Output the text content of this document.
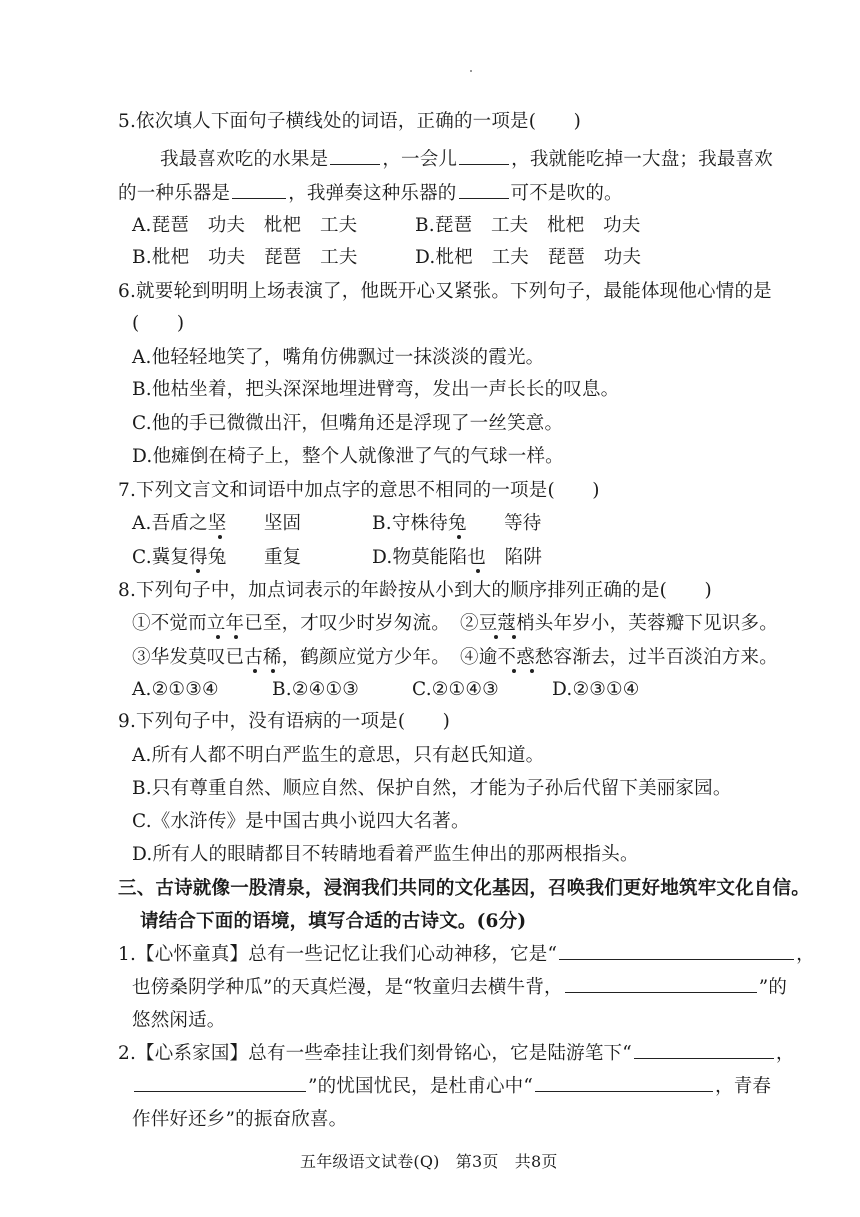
5.依次填人下面句子横线处的词语，正确的一项是(　　)
我最喜欢吃的水果是	，一会儿	，我就能吃掉一大盘；我最喜欢
的一种乐器是	，我弹奏这种乐器的	可不是吹的。
A.琵琶　功夫　枇杷　工夫	B.琵琶　工夫　枇杷　功夫
B.枇杷　功夫　琵琶　工夫	D.枇杷　工夫　琵琶　功夫
6.就要轮到明明上场表演了，他既开心又紧张。下列句子，最能体现他心情的是
(　　)
A.他轻轻地笑了，嘴角仿佛飘过一抹淡淡的霞光。
B.他枯坐着，把头深深地埋进臂弯，发出一声长长的叹息。
C.他的手已微微出汗，但嘴角还是浮现了一丝笑意。
D.他瘫倒在椅子上，整个人就像泄了气的气球一样。
7.下列文言文和词语中加点字的意思不相同的一项是(　　)
A.吾盾之坚　　坚固	B.守株待兔　　等待
C.冀复得兔　　重复	D.物莫能陷也　陷阱
8.下列句子中，加点词表示的年龄按从小到大的顺序排列正确的是(　　)
①不觉而立年已至，才叹少时岁匆流。 ②豆蔻梢头年岁小，芙蓉瓣下见识多。
③华发莫叹已古稀，鹤颜应觉方少年。 ④逾不惑愁容渐去，过半百淡泊方来。
A.②①③④	B.②④①③	C.②①④③	D.②③①④
9.下列句子中，没有语病的一项是(　　)
A.所有人都不明白严监生的意思，只有赵氏知道。
B.只有尊重自然、顺应自然、保护自然，才能为子孙后代留下美丽家园。
C.《水浒传》是中国古典小说四大名著。
D.所有人的眼睛都目不转睛地看着严监生伸出的那两根指头。
三、古诗就像一股清泉，浸润我们共同的文化基因，召唤我们更好地筑牢文化自信。
请结合下面的语境，填写合适的古诗文。(6分)
1.【心怀童真】总有一些记忆让我们心动神移，它是“	，
也傍桑阴学种瓜”的天真烂漫，是“牧童归去横牛背，	”的
悠然闲适。
2.【心系家国】总有一些牵挂让我们刻骨铭心，它是陆游笔下“	，
”的忧国忧民，是杜甫心中“	，青春
作伴好还乡”的振奋欣喜。
五年级语文试卷(Q)　第3页　共8页
